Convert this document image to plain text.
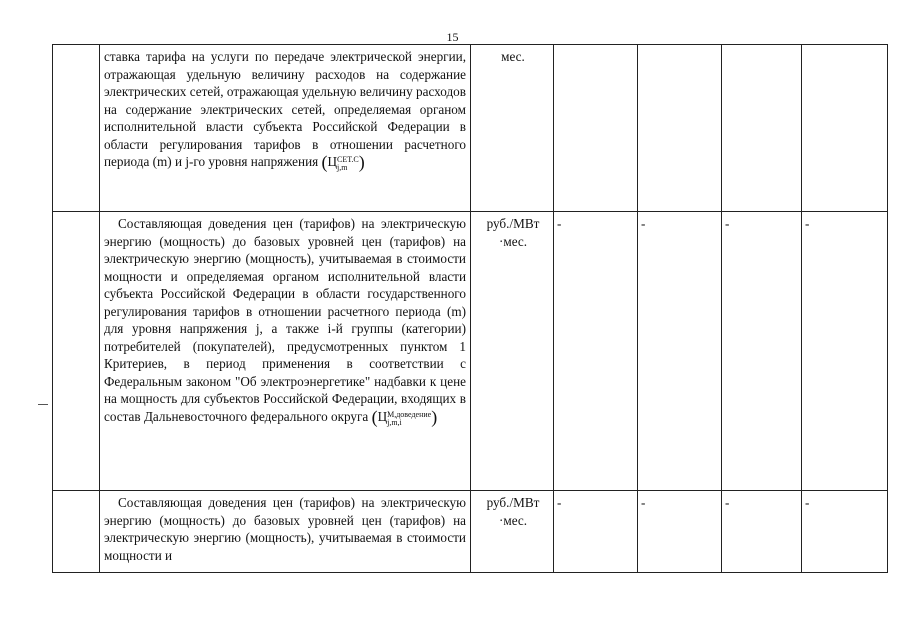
15
	ставка тарифа на услуги по передаче электрической энергии, отражающая удельную величину расходов на содержание электрических сетей, отражающая удельную величину расходов на содержание электрических сетей, определяемая органом исполнительной власти субъекта Российской Федерации в области регулирования тарифов в отношении расчетного периода (m) и j-го уровня напряжения (Ц СЕТ.С
j,m )	мес.				
	Составляющая доведения цен (тарифов) на электрическую энергию (мощность) до базовых уровней цен (тарифов) на электрическую энергию (мощность), учитываемая в стоимости мощности и определяемая органом исполнительной власти субъекта Российской Федерации в области государственного регулирования тарифов в отношении расчетного периода (m) для уровня напряжения j, а также i-й группы (категории) потребителей (покупателей), предусмотренных пунктом 1 Критериев, в период применения в соответствии с Федеральным законом "Об электроэнергетике" надбавки к цене на мощность для субъектов Российской Федерации, входящих в состав Дальневосточного федерального округа (Ц М,доведение
j,m,i )	руб./МВт ·мес.	-	-	-	-

	Составляющая доведения цен (тарифов) на электрическую энергию (мощность) до базовых уровней цен (тарифов) на электрическую энергию (мощность), учитываемая в стоимости мощности и	руб./МВт ·мес.	-	-	-	-
